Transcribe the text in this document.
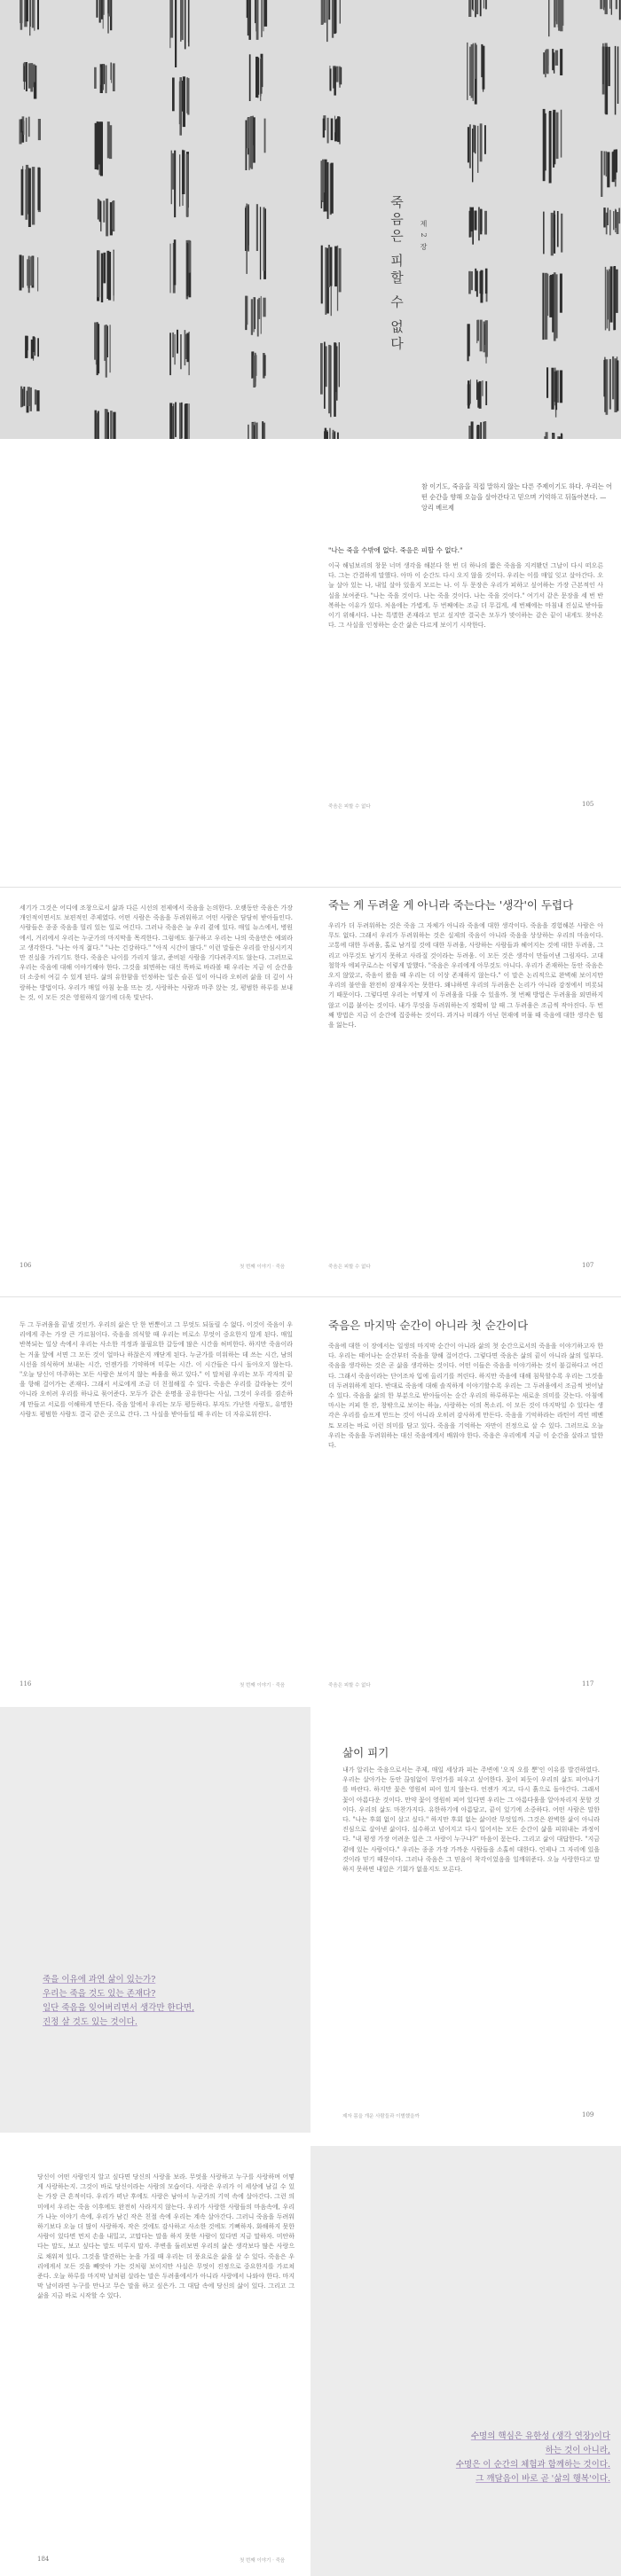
죽음은 피할 수 없다 제 2 장
참 이기도, 죽음을 직접 말하지 않는 다른 주제이기도 하다. 우리는 어떤 순간을 향해 오늘을 살아간다고 믿으며 기억하고 뒤돌아본다. — 앙리 베르제
"나는 죽을 수밖에 없다. 죽음은 피할 수 없다."
이국 해넘보리의 창문 너머 생각을 해본다 한 번 더 하나의 짧은 죽음을 지켜봤던 그날이 다시 떠오른다. 그는 간결하게 말했다. 아마 이 순간도 다시 오지 않을 것이다. 우리는 이를 매일 잊고 살아간다. 오늘 살아 있는 나, 내일 살아 있을지 모르는 나. 이 두 문장은 우리가 피하고 싶어하는 가장 근본적인 사실을 보여준다. "나는 죽을 것이다. 나는 죽을 것이다. 나는 죽을 것이다." 여기서 같은 문장을 세 번 반복하는 이유가 있다. 처음에는 가볍게, 두 번째에는 조금 더 무겁게, 세 번째에는 마침내 진실로 받아들이기 위해서다. 나는 특별한 존재라고 믿고 싶지만 결국은 모두가 맞이하는 같은 끝이 내게도 찾아온다. 그 사실을 인정하는 순간 삶은 다르게 보이기 시작한다.
죽음은 피할 수 없다	105
세기가 그것은 어디에 조창으로서 삶과 다른 시선의 전제에서 죽음을 논의한다. 오랫동안 죽음은 가장 개인적이면서도 보편적인 주제였다. 어떤 사람은 죽음을 두려워하고 어떤 사람은 담담히 받아들인다. 사람들은 종종 죽음을 멀리 있는 일로 여긴다. 그러나 죽음은 늘 우리 곁에 있다. 매일 뉴스에서, 병원에서, 거리에서 우리는 누군가의 마지막을 목격한다. 그럼에도 불구하고 우리는 나의 죽음만은 예외라고 생각한다. "나는 아직 젊다." "나는 건강하다." "아직 시간이 많다." 이런 말들은 우리를 안심시키지만 진실을 가리기도 한다. 죽음은 나이를 가리지 않고, 준비된 사람을 기다려주지도 않는다. 그러므로 우리는 죽음에 대해 이야기해야 한다. 그것을 외면하는 대신 똑바로 바라볼 때 우리는 지금 이 순간을 더 소중히 여길 수 있게 된다. 삶의 유한함을 인정하는 일은 슬픈 일이 아니라 오히려 삶을 더 깊이 사랑하는 방법이다. 우리가 매일 아침 눈을 뜨는 것, 사랑하는 사람과 마주 앉는 것, 평범한 하루를 보내는 것, 이 모든 것은 영원하지 않기에 더욱 빛난다.
106	첫 번째 이야기 · 죽음
죽는 게 두려울 게 아니라 죽는다는 '생각'이 두렵다
우리가 더 두려워하는 것은 죽음 그 자체가 아니라 죽음에 대한 생각이다. 죽음을 경험해본 사람은 아무도 없다. 그래서 우리가 두려워하는 것은 실제의 죽음이 아니라 죽음을 상상하는 우리의 마음이다. 고통에 대한 두려움, 홀로 남겨질 것에 대한 두려움, 사랑하는 사람들과 헤어지는 것에 대한 두려움, 그리고 아무것도 남기지 못하고 사라질 것이라는 두려움. 이 모든 것은 생각이 만들어낸 그림자다. 고대 철학자 에피쿠로스는 이렇게 말했다. "죽음은 우리에게 아무것도 아니다. 우리가 존재하는 동안 죽음은 오지 않았고, 죽음이 왔을 때 우리는 더 이상 존재하지 않는다." 이 말은 논리적으로 완벽해 보이지만 우리의 불안을 완전히 잠재우지는 못한다. 왜냐하면 우리의 두려움은 논리가 아니라 감정에서 비롯되기 때문이다. 그렇다면 우리는 어떻게 이 두려움을 다룰 수 있을까. 첫 번째 방법은 두려움을 외면하지 않고 이름 붙이는 것이다. 내가 무엇을 두려워하는지 정확히 알 때 그 두려움은 조금씩 작아진다. 두 번째 방법은 지금 이 순간에 집중하는 것이다. 과거나 미래가 아닌 현재에 머물 때 죽음에 대한 생각은 힘을 잃는다.
죽음은 피할 수 없다	107
두 그 두려움을 끝낼 것인가. 우리의 삶은 단 한 번뿐이고 그 무엇도 되돌릴 수 없다. 이것이 죽음이 우리에게 주는 가장 큰 가르침이다. 죽음을 의식할 때 우리는 비로소 무엇이 중요한지 알게 된다. 매일 반복되는 일상 속에서 우리는 사소한 걱정과 불필요한 갈등에 많은 시간을 허비한다. 하지만 죽음이라는 거울 앞에 서면 그 모든 것이 얼마나 하찮은지 깨닫게 된다. 누군가를 미워하는 데 쓰는 시간, 남의 시선을 의식하며 보내는 시간, 언젠가를 기약하며 미루는 시간. 이 시간들은 다시 돌아오지 않는다. "오늘 당신이 마주하는 모든 사람은 보이지 않는 싸움을 하고 있다." 이 말처럼 우리는 모두 각자의 끝을 향해 걸어가는 존재다. 그래서 서로에게 조금 더 친절해질 수 있다. 죽음은 우리를 갈라놓는 것이 아니라 오히려 우리를 하나로 묶어준다. 모두가 같은 운명을 공유한다는 사실, 그것이 우리를 겸손하게 만들고 서로를 이해하게 만든다. 죽음 앞에서 우리는 모두 평등하다. 부자도 가난한 사람도, 유명한 사람도 평범한 사람도 결국 같은 곳으로 간다. 그 사실을 받아들일 때 우리는 더 자유로워진다.
116	첫 번째 이야기 · 죽음
죽음은 마지막 순간이 아니라 첫 순간이다
죽음에 대한 이 장에서는 일생의 마지막 순간이 아니라 삶의 첫 순간으로서의 죽음을 이야기하고자 한다. 우리는 태어나는 순간부터 죽음을 향해 걸어간다. 그렇다면 죽음은 삶의 끝이 아니라 삶의 일부다. 죽음을 생각하는 것은 곧 삶을 생각하는 것이다. 어떤 이들은 죽음을 이야기하는 것이 불길하다고 여긴다. 그래서 죽음이라는 단어조차 입에 올리기를 꺼린다. 하지만 죽음에 대해 침묵할수록 우리는 그것을 더 두려워하게 된다. 반대로 죽음에 대해 솔직하게 이야기할수록 우리는 그 두려움에서 조금씩 벗어날 수 있다. 죽음을 삶의 한 부분으로 받아들이는 순간 우리의 하루하루는 새로운 의미를 갖는다. 아침에 마시는 커피 한 잔, 창밖으로 보이는 하늘, 사랑하는 이의 목소리. 이 모든 것이 마지막일 수 있다는 생각은 우리를 슬프게 만드는 것이 아니라 오히려 감사하게 만든다. 죽음을 기억하라는 라틴어 격언 메멘토 모리는 바로 이런 의미를 담고 있다. 죽음을 기억하는 자만이 진정으로 살 수 있다. 그러므로 오늘 우리는 죽음을 두려워하는 대신 죽음에게서 배워야 한다. 죽음은 우리에게 지금 이 순간을 살라고 말한다.
죽음은 피할 수 없다	117
죽을 이유에 과연 삶이 있는가?
우리는 죽을 것도 있는 존재다?
일단 죽음을 잊어버리면서 생각만 한다면,
진정 살 것도 있는 것이다.
삶이 피기
내가 알리는 죽음으로서는 주제, 매일 세상과 피는 주변에 '오직 오를 뿐'인 이유를 발견하였다. 우리는 살아가는 동안 끊임없이 무언가를 피우고 싶어한다. 꽃이 피듯이 우리의 삶도 피어나기를 바란다. 하지만 꽃은 영원히 피어 있지 않는다. 언젠가 지고, 다시 흙으로 돌아간다. 그래서 꽃이 아름다운 것이다. 만약 꽃이 영원히 피어 있다면 우리는 그 아름다움을 알아차리지 못할 것이다. 우리의 삶도 마찬가지다. 유한하기에 아름답고, 끝이 있기에 소중하다. 어떤 사람은 말한다. "나는 후회 없이 살고 싶다." 하지만 후회 없는 삶이란 무엇일까. 그것은 완벽한 삶이 아니라 진심으로 살아낸 삶이다. 실수하고 넘어지고 다시 일어서는 모든 순간이 삶을 피워내는 과정이다. "내 평생 가장 어려운 일은 그 사랑이 누구냐?" 마음이 묻는다. 그리고 삶이 대답한다. "지금 곁에 있는 사람이다." 우리는 종종 가장 가까운 사람들을 소홀히 대한다. 언제나 그 자리에 있을 것이라 믿기 때문이다. 그러나 죽음은 그 믿음이 착각이었음을 일깨워준다. 오늘 사랑한다고 말하지 못하면 내일은 기회가 없을지도 모른다.
제자 몸을 개운 사람들과 이별했을까	109
당신이 어떤 사람인지 알고 싶다면 당신의 사랑을 보라. 무엇을 사랑하고 누구를 사랑하며 어떻게 사랑하는지. 그것이 바로 당신이라는 사람의 모습이다. 사랑은 우리가 이 세상에 남길 수 있는 가장 큰 흔적이다. 우리가 떠난 후에도 사랑은 남아서 누군가의 기억 속에 살아간다. 그런 의미에서 우리는 죽음 이후에도 완전히 사라지지 않는다. 우리가 사랑한 사람들의 마음속에, 우리가 나눈 이야기 속에, 우리가 남긴 작은 친절 속에 우리는 계속 살아간다. 그러니 죽음을 두려워하기보다 오늘 더 많이 사랑하자. 작은 것에도 감사하고 사소한 것에도 기뻐하자. 화해하지 못한 사람이 있다면 먼저 손을 내밀고, 고맙다는 말을 하지 못한 사람이 있다면 지금 말하자. 미안하다는 말도, 보고 싶다는 말도 미루지 말자. 주변을 둘러보면 우리의 삶은 생각보다 많은 사랑으로 채워져 있다. 그것을 발견하는 눈을 가질 때 우리는 더 풍요로운 삶을 살 수 있다. 죽음은 우리에게서 모든 것을 빼앗아 가는 것처럼 보이지만 사실은 무엇이 진정으로 중요한지를 가르쳐 준다. 오늘 하루를 마지막 날처럼 살라는 말은 두려움에서가 아니라 사랑에서 나와야 한다. 마지막 날이라면 누구를 만나고 무슨 말을 하고 싶은가. 그 대답 속에 당신의 삶이 있다. 그리고 그 삶을 지금 바로 시작할 수 있다.
184	첫 번째 이야기 · 죽음
수명의 핵심은 유한성 (생각 연장)이다
하는 것이 아니라,
수명은 이 순간의 체험과 함께하는 것이다.
그 깨달음이 바로 곧 '삶의 행복'이다.
